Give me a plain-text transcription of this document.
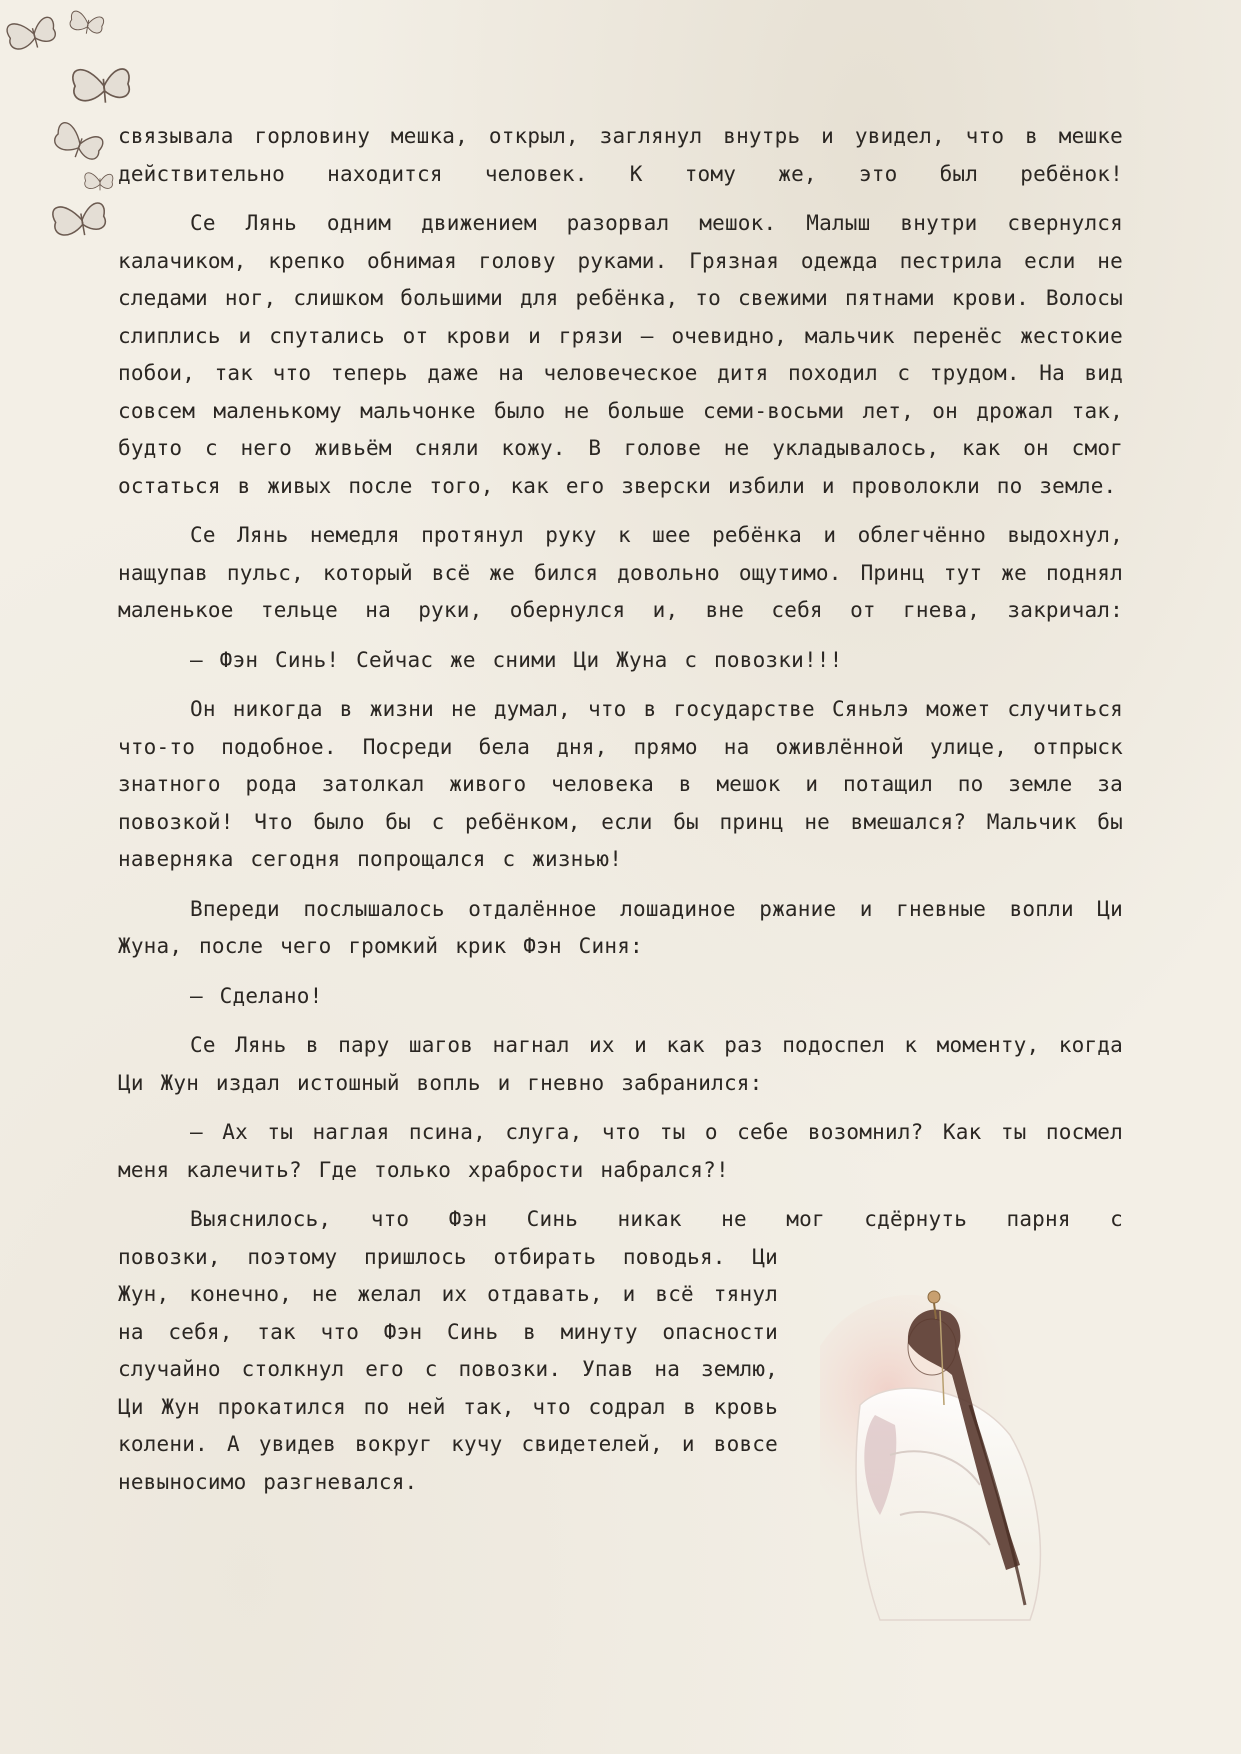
связывала горловину мешка, открыл, заглянул внутрь и увидел, что в мешке действительно находится человек. К тому же, это был ребёнок!

Се Лянь одним движением разорвал мешок. Малыш внутри свернулся калачиком, крепко обнимая голову руками. Грязная одежда пестрила если не следами ног, слишком большими для ребёнка, то свежими пятнами крови. Волосы слиплись и спутались от крови и грязи — очевидно, мальчик перенёс жестокие побои, так что теперь даже на человеческое дитя походил с трудом. На вид совсем маленькому мальчонке было не больше семи-восьми лет, он дрожал так, будто с него живьём сняли кожу. В голове не укладывалось, как он смог остаться в живых после того, как его зверски избили и проволокли по земле.

Се Лянь немедля протянул руку к шее ребёнка и облегчённо выдохнул, нащупав пульс, который всё же бился довольно ощутимо. Принц тут же поднял маленькое тельце на руки, обернулся и, вне себя от гнева, закричал:

— Фэн Синь! Сейчас же сними Ци Жуна с повозки!!!

Он никогда в жизни не думал, что в государстве Сяньлэ может случиться что-то подобное. Посреди бела дня, прямо на оживлённой улице, отпрыск знатного рода затолкал живого человека в мешок и потащил по земле за повозкой! Что было бы с ребёнком, если бы принц не вмешался? Мальчик бы наверняка сегодня попрощался с жизнью!

Впереди послышалось отдалённое лошадиное ржание и гневные вопли Ци Жуна, после чего громкий крик Фэн Синя:

— Сделано!

Се Лянь в пару шагов нагнал их и как раз подоспел к моменту, когда Ци Жун издал истошный вопль и гневно забранился:

— Ах ты наглая псина, слуга, что ты о себе возомнил? Как ты посмел меня калечить? Где только храбрости набрался?!

Выяснилось, что Фэн Синь никак не мог сдёрнуть парня с

повозки, поэтому пришлось отбирать поводья. Ци Жун, конечно, не желал их отдавать, и всё тянул на себя, так что Фэн Синь в минуту опасности случайно столкнул его с повозки. Упав на землю, Ци Жун прокатился по ней так, что содрал в кровь колени. А увидев вокруг кучу свидетелей, и вовсе невыносимо разгневался.
